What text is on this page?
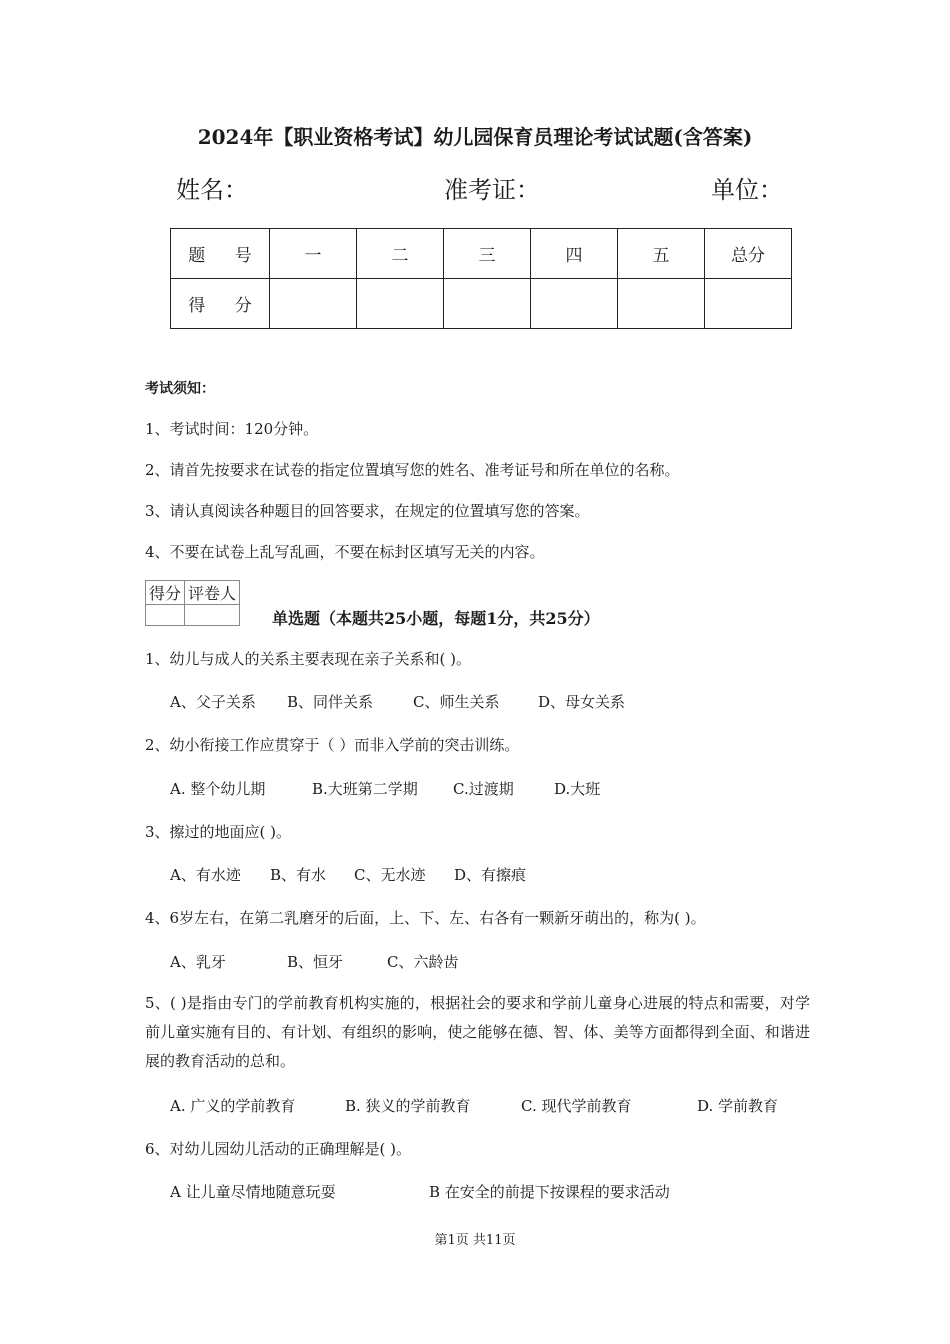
2024年【职业资格考试】幼儿园保育员理论考试试题(含答案)
姓名：	准考证：	单位：
题 号	一	二	三	四	五	总分
得 分						
考试须知：
1、考试时间：120分钟。
2、请首先按要求在试卷的指定位置填写您的姓名、准考证号和所在单位的名称。
3、请认真阅读各种题目的回答要求，在规定的位置填写您的答案。
4、不要在试卷上乱写乱画，不要在标封区填写无关的内容。
得分	评卷人

单选题（本题共25小题，每题1分，共25分）
1、幼儿与成人的关系主要表现在亲子关系和( )。
A、父子关系 B、同伴关系	C、师生关系	D、母女关系
2、幼小衔接工作应贯穿于（ ）而非入学前的突击训练。
A. 整个幼儿期	B.大班第二学期 C.过渡期	D.大班
3、擦过的地面应( )。
A、有水迹 B、有水 C、无水迹 D、有擦痕
4、6岁左右，在第二乳磨牙的后面，上、下、左、右各有一颗新牙萌出的，称为( )。
A、乳牙	B、恒牙	C、六龄齿
5、( )是指由专门的学前教育机构实施的，根据社会的要求和学前儿童身心进展的特点和需要，对学前儿童实施有目的、有计划、有组织的影响，使之能够在德、智、体、美等方面都得到全面、和谐进展的教育活动的总和。
A. 广义的学前教育	B. 狭义的学前教育	C. 现代学前教育	D. 学前教育
6、对幼儿园幼儿活动的正确理解是( )。
A 让儿童尽情地随意玩耍	B 在安全的前提下按课程的要求活动
第1页 共11页
